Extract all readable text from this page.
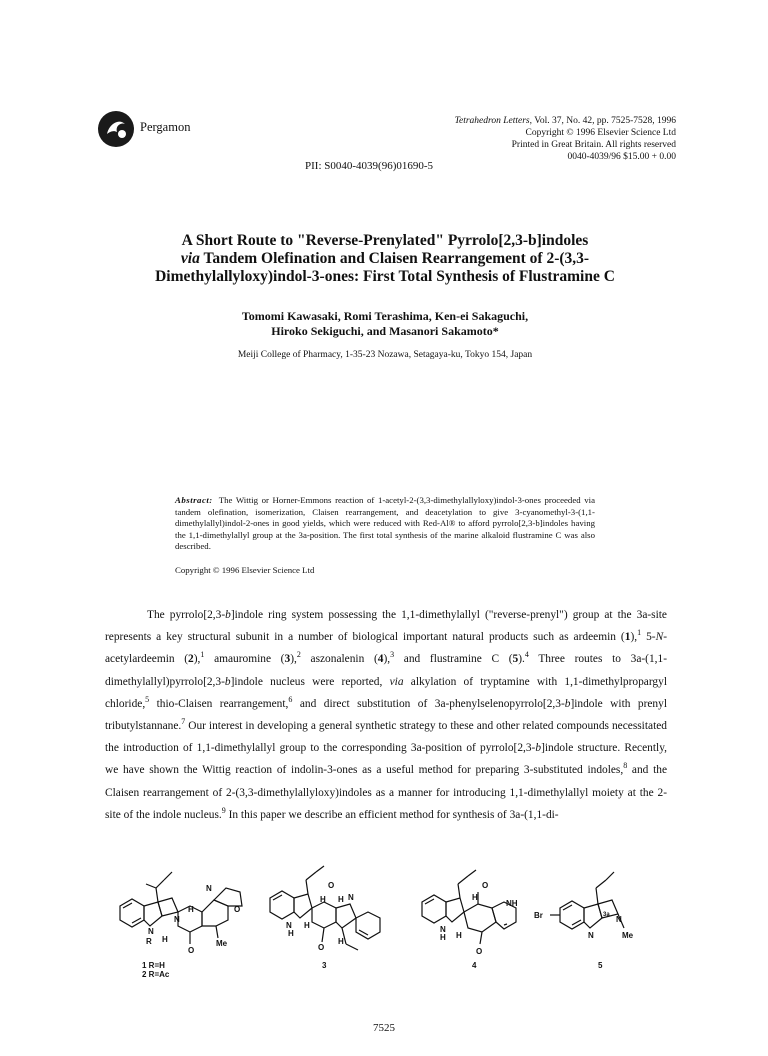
Pergamon	Tetrahedron Letters, Vol. 37, No. 42, pp. 7525-7528, 1996
Copyright © 1996 Elsevier Science Ltd
Printed in Great Britain. All rights reserved
0040-4039/96 $15.00 + 0.00
PII: S0040-4039(96)01690-5
A Short Route to "Reverse-Prenylated" Pyrrolo[2,3-b]indoles
via Tandem Olefination and Claisen Rearrangement of 2-(3,3-
Dimethylallyloxy)indol-3-ones: First Total Synthesis of Flustramine C
Tomomi Kawasaki, Romi Terashima, Ken-ei Sakaguchi,
Hiroko Sekiguchi, and Masanori Sakamoto*
Meiji College of Pharmacy, 1-35-23 Nozawa, Setagaya-ku, Tokyo 154, Japan
Abstract: The Wittig or Horner-Emmons reaction of 1-acetyl-2-(3,3-dimethylallyloxy)indol-3-ones proceeded via tandem olefination, isomerization, Claisen rearrangement, and deacetylation to give 3-cyanomethyl-3-(1,1-dimethylallyl)indol-2-ones in good yields, which were reduced with Red-Al® to afford pyrrolo[2,3-b]indoles having the 1,1-dimethylallyl group at the 3a-position. The first total synthesis of the marine alkaloid flustramine C was also described.
Copyright © 1996 Elsevier Science Ltd

The pyrrolo[2,3-b]indole ring system possessing the 1,1-dimethylallyl ("reverse-prenyl") group at the 3a-site represents a key structural subunit in a number of biological important natural products such as ardeemin (1),$^1$ 5-N-acetylardeemin (2),$^1$ amauromine (3),$^2$ aszonalenin (4),$^3$ and flustramine C (5).$^4$ Three routes to 3a-(1,1-dimethylallyl)pyrrolo[2,3-b]indole nucleus were reported, via alkylation of tryptamine with 1,1-dimethylpropargyl chloride,$^5$ thio-Claisen rearrangement,$^6$ and direct substitution of 3a-phenylselenopyrrolo[2,3-b]indole with prenyl tributylstannane.$^7$ Our interest in developing a general synthetic strategy to these and other related compounds necessitated the introduction of 1,1-dimethylallyl group to the corresponding 3a-position of pyrrolo[2,3-b]indole structure. Recently, we have shown the Wittig reaction of indolin-3-ones as a useful method for preparing 3-substituted indoles,$^8$ and the Claisen rearrangement of 2-(3,3-dimethylallyloxy)indoles as a manner for introducing 1,1-dimethylallyl moiety at the 2-site of the indole nucleus.$^9$ In this paper we describe an efficient method for synthesis of 3a-(1,1-di-

N
H
N
N
R H
O
Me
O
O
H H N
N
H
H
O
H
O
H
NH
N
H H
O
Br	3a N
N	Me
1 R=H
2 R=Ac
3	4	5
7525
